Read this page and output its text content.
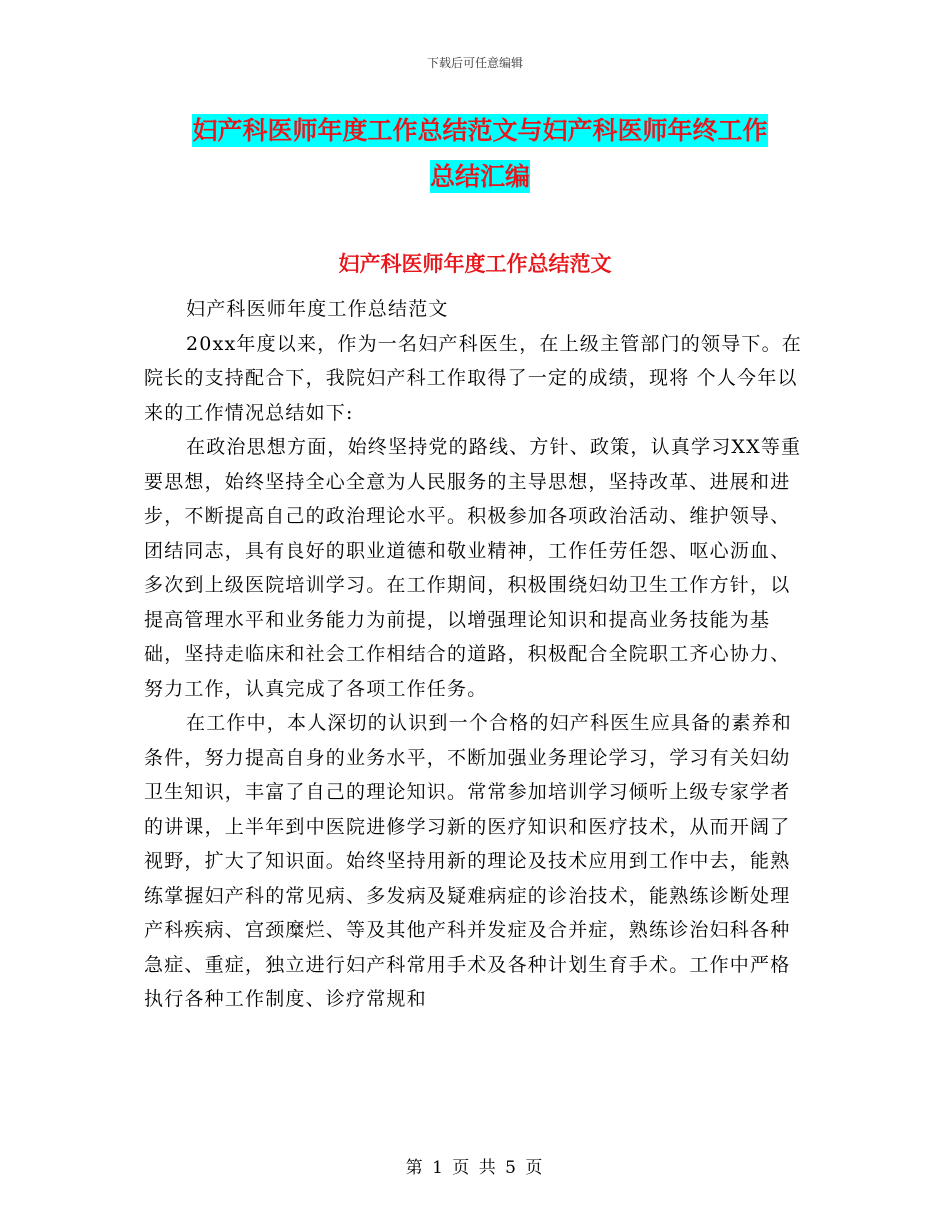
下载后可任意编辑
妇产科医师年度工作总结范文与妇产科医师年终工作
总结汇编
妇产科医师年度工作总结范文

妇产科医师年度工作总结范文

20xx年度以来，作为一名妇产科医生，在上级主管部门的领导下。在院长的支持配合下，我院妇产科工作取得了一定的成绩，现将 个人今年以来的工作情况总结如下:

在政治思想方面，始终坚持党的路线、方针、政策，认真学习XX等重要思想，始终坚持全心全意为人民服务的主导思想，坚持改革、进展和进步，不断提高自己的政治理论水平。积极参加各项政治活动、维护领导、团结同志，具有良好的职业道德和敬业精神，工作任劳任怨、呕心沥血、多次到上级医院培训学习。在工作期间，积极围绕妇幼卫生工作方针，以提高管理水平和业务能力为前提，以增强理论知识和提高业务技能为基础，坚持走临床和社会工作相结合的道路，积极配合全院职工齐心协力、努力工作，认真完成了各项工作任务。

在工作中，本人深切的认识到一个合格的妇产科医生应具备的素养和条件，努力提高自身的业务水平，不断加强业务理论学习，学习有关妇幼卫生知识，丰富了自己的理论知识。常常参加培训学习倾听上级专家学者的讲课，上半年到中医院进修学习新的医疗知识和医疗技术，从而开阔了视野，扩大了知识面。始终坚持用新的理论及技术应用到工作中去，能熟练掌握妇产科的常见病、多发病及疑难病症的诊治技术，能熟练诊断处理产科疾病、宫颈糜烂、等及其他产科并发症及合并症，熟练诊治妇科各种急症、重症，独立进行妇产科常用手术及各种计划生育手术。工作中严格执行各种工作制度、诊疗常规和

第 1 页 共 5 页
